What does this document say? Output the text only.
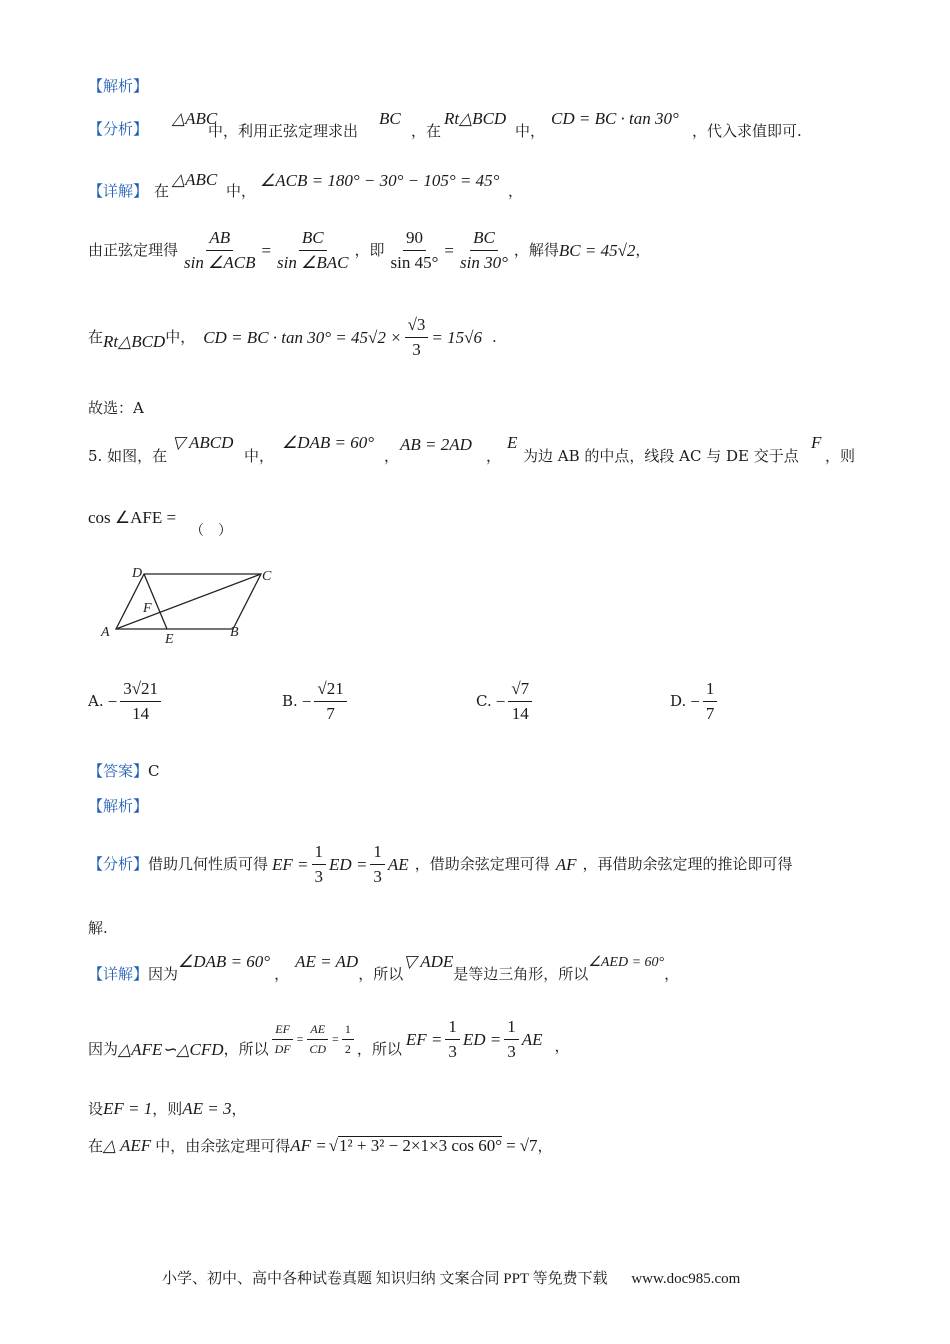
【解析】
【分析】
△ABC
中，利用正弦定理求出
BC
，在
Rt△BCD
中，
CD = BC · tan 30°
，代入求值即可.
【详解】 在
△ABC
中，
∠ACB = 180° − 30° − 105° = 45°
，
由正弦定理得 $\frac{AB}{\text{sin ∠ACB}} = \frac{BC}{\text{sin ∠BAC}}$ ，即 $\frac{90}{\sin 45^\circ} = \frac{BC}{\sin 30^\circ}$ ，解得 BC = 45√2 ，
在 Rt△BCD 中， CD = BC · $\tan 30^\circ = 45√2 \times \frac{√3}{3} = 15√6$ .
故选：A
5. 如图，在
▽ ABCD
中，
∠DAB = 60°
，
AB = 2AD
，
E
为边 AB 的中点，线段 AC 与 DE 交于点
F
，则
cos ∠AFE =
（　）
D	C
F
A	E	B
A. − $\frac{3√21}{14}$	B. − $\frac{√21}{7}$	C. − $\frac{√7}{14}$	D. − $\frac{1}{7}$
【答案】C
【解析】
【分析】 借助几何性质可得 EF = $\frac{1}{3}$ ED = $\frac{1}{3}$ AE ，借助余弦定理可得 AF ，再借助余弦定理的推论即可得
解.
【详解】 因为
∠DAB = 60°
，
AE = AD
，所以
▽ ADE
是等边三角形，所以
∠AED = 60°
，
因为 △AFE∽△CFD ，所以 $\frac{EF}{DF} = \frac{AE}{CD} = \frac{1}{2}$ ，所以 EF = $\frac{1}{3}$ ED = $\frac{1}{3}$ AE ，
设EF = 1，则AE = 3，
在 △ AEF 中，由余弦定理可得 AF = √ 1² + 3² − 2×1×3 cos 60° = √7 ，
小学、初中、高中各种试卷真题 知识归纳 文案合同 PPT 等免费下载 www.doc985.com
